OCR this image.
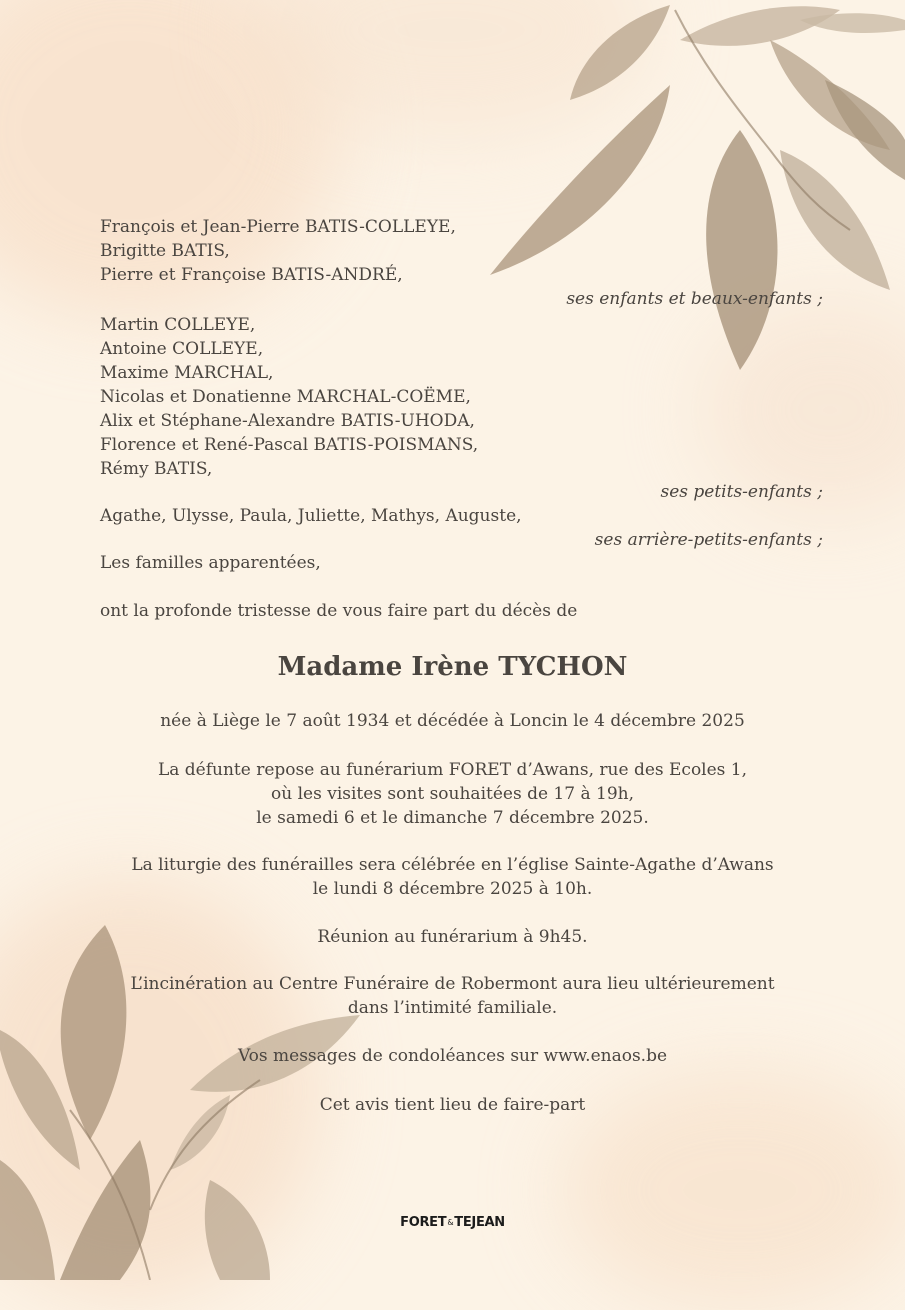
François et Jean-Pierre BATIS-COLLEYE,
Brigitte BATIS,
Pierre et Françoise BATIS-ANDRÉ,
ses enfants et beaux-enfants ;
Martin COLLEYE,
Antoine COLLEYE,
Maxime MARCHAL,
Nicolas et Donatienne MARCHAL-COËME,
Alix et Stéphane-Alexandre BATIS-UHODA,
Florence et René-Pascal BATIS-POISMANS,
Rémy BATIS,
ses petits-enfants ;
Agathe, Ulysse, Paula, Juliette, Mathys, Auguste,
ses arrière-petits-enfants ;
Les familles apparentées,
ont la profonde tristesse de vous faire part du décès de
Madame Irène TYCHON
née à Liège le 7 août 1934 et décédée à Loncin le 4 décembre 2025
La défunte repose au funérarium FORET d’Awans, rue des Ecoles 1,
où les visites sont souhaitées de 17 à 19h,
le samedi 6 et le dimanche 7 décembre 2025.
La liturgie des funérailles sera célébrée en l’église Sainte-Agathe d’Awans
le lundi 8 décembre 2025 à 10h.
Réunion au funérarium à 9h45.
L’incinération au Centre Funéraire de Robermont aura lieu ultérieurement
dans l’intimité familiale.
Vos messages de condoléances sur www.enaos.be
Cet avis tient lieu de faire-part
FORET&TEJEAN
